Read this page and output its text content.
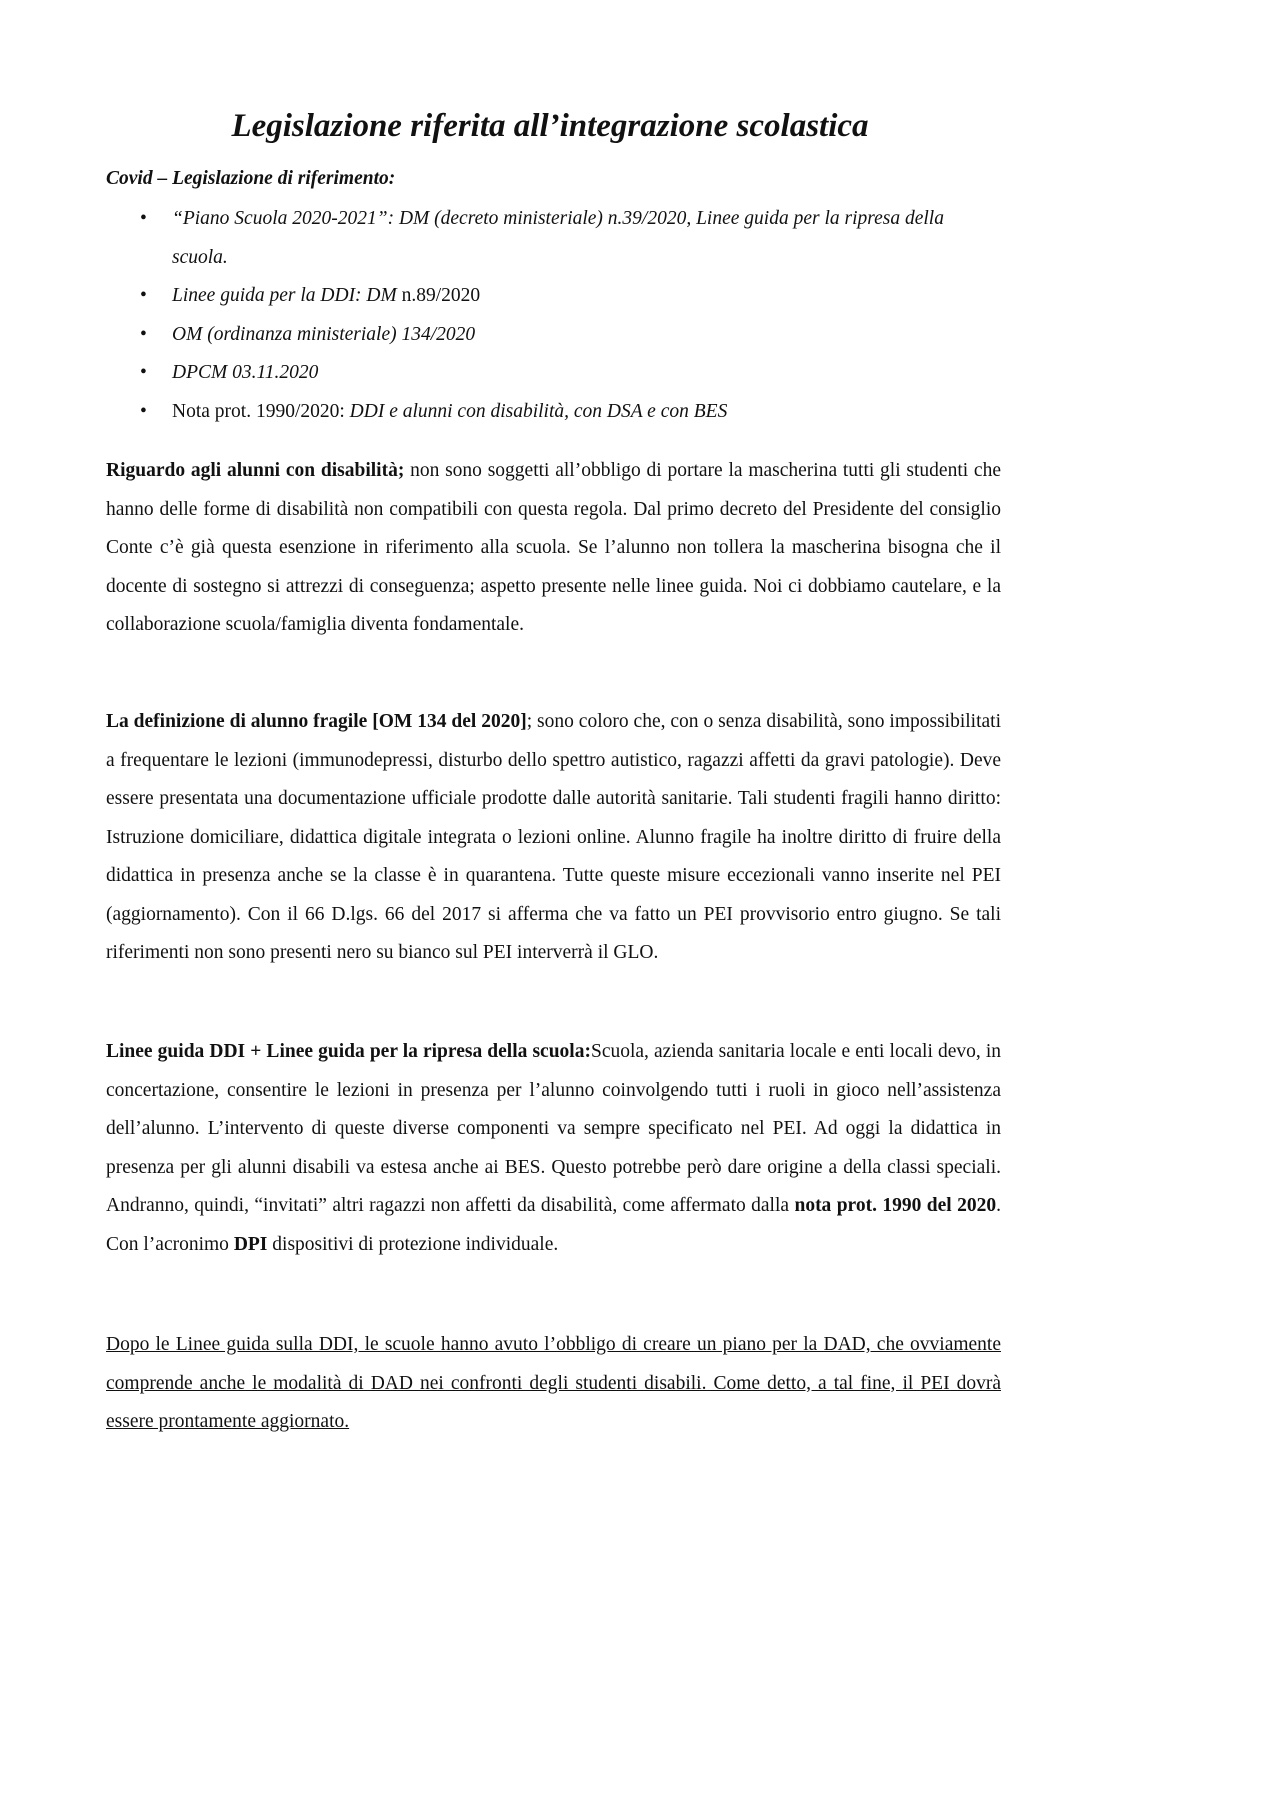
Legislazione riferita all’integrazione scolastica
Covid – Legislazione di riferimento:
• “Piano Scuola 2020-2021”: DM (decreto ministeriale) n.39/2020, Linee guida per la ripresa della scuola.
• Linee guida per la DDI: DM n.89/2020
• OM (ordinanza ministeriale) 134/2020
• DPCM 03.11.2020
• Nota prot. 1990/2020: DDI e alunni con disabilità, con DSA e con BES

Riguardo agli alunni con disabilità; non sono soggetti all’obbligo di portare la mascherina tutti gli studenti che hanno delle forme di disabilità non compatibili con questa regola. Dal primo decreto del Presidente del consiglio Conte c’è già questa esenzione in riferimento alla scuola. Se l’alunno non tollera la mascherina bisogna che il docente di sostegno si attrezzi di conseguenza; aspetto presente nelle linee guida. Noi ci dobbiamo cautelare, e la collaborazione scuola/famiglia diventa fondamentale.

La definizione di alunno fragile [OM 134 del 2020]; sono coloro che, con o senza disabilità, sono impossibilitati a frequentare le lezioni (immunodepressi, disturbo dello spettro autistico, ragazzi affetti da gravi patologie). Deve essere presentata una documentazione ufficiale prodotte dalle autorità sanitarie. Tali studenti fragili hanno diritto: Istruzione domiciliare, didattica digitale integrata o lezioni online. Alunno fragile ha inoltre diritto di fruire della didattica in presenza anche se la classe è in quarantena. Tutte queste misure eccezionali vanno inserite nel PEI (aggiornamento). Con il 66 D.lgs. 66 del 2017 si afferma che va fatto un PEI provvisorio entro giugno. Se tali riferimenti non sono presenti nero su bianco sul PEI interverrà il GLO.

Linee guida DDI + Linee guida per la ripresa della scuola:Scuola, azienda sanitaria locale e enti locali devo, in concertazione, consentire le lezioni in presenza per l’alunno coinvolgendo tutti i ruoli in gioco nell’assistenza dell’alunno. L’intervento di queste diverse componenti va sempre specificato nel PEI. Ad oggi la didattica in presenza per gli alunni disabili va estesa anche ai BES. Questo potrebbe però dare origine a della classi speciali. Andranno, quindi, “invitati” altri ragazzi non affetti da disabilità, come affermato dalla nota prot. 1990 del 2020. Con l’acronimo DPI dispositivi di protezione individuale.

Dopo le Linee guida sulla DDI, le scuole hanno avuto l’obbligo di creare un piano per la DAD, che ovviamente comprende anche le modalità di DAD nei confronti degli studenti disabili. Come detto, a tal fine, il PEI dovrà essere prontamente aggiornato.
